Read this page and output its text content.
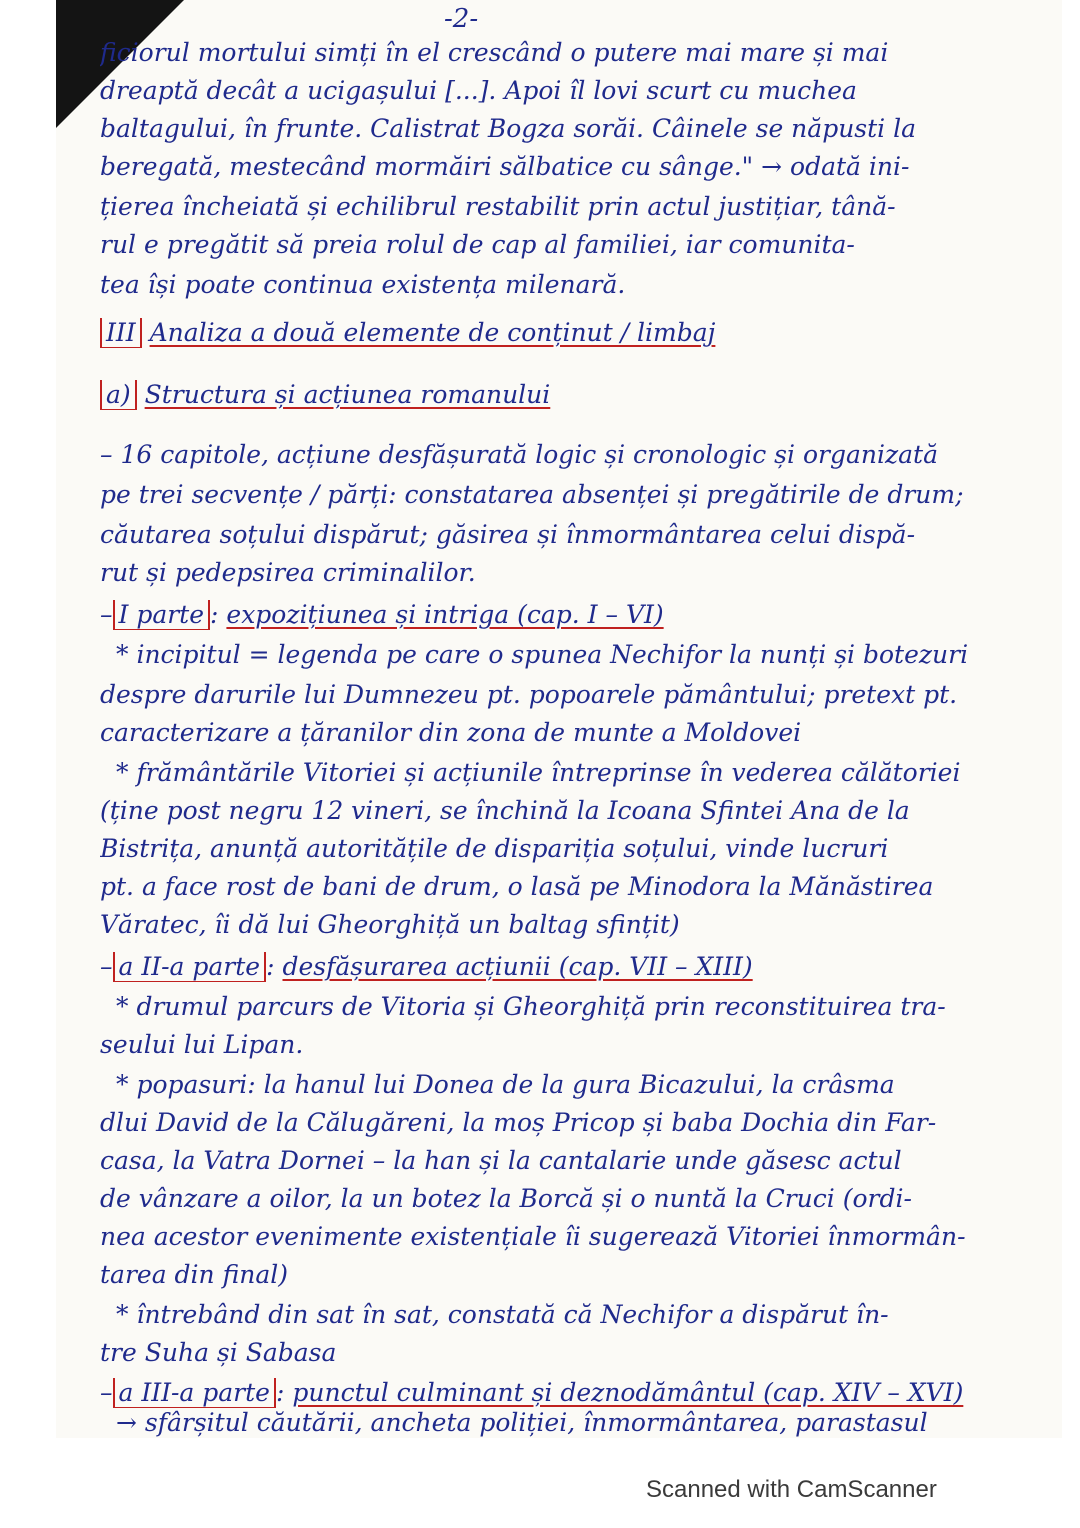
-2-
ficiorul mortului simți în el crescând o putere mai mare și mai
dreaptă decât a ucigașului [...]. Apoi îl lovi scurt cu muchea
baltagului, în frunte. Calistrat Bogza sorăi. Câinele se năpusti la
beregată, mestecând mormăiri sălbatice cu sânge." → odată ini-
țierea încheiată și echilibrul restabilit prin actul justițiar, tână-
rul e pregătit să preia rolul de cap al familiei, iar comunita-
tea își poate continua existența milenară.
III Analiza a două elemente de conținut / limbaj
a) Structura și acțiunea romanului
– 16 capitole, acțiune desfășurată logic și cronologic și organizată
pe trei secvențe / părți: constatarea absenței și pregătirile de drum;
căutarea soțului dispărut; găsirea și înmormântarea celui dispă-
rut și pedepsirea criminalilor.
– I parte : expozițiunea și intriga (cap. I – VI)
* incipitul = legenda pe care o spunea Nechifor la nunți și botezuri
despre darurile lui Dumnezeu pt. popoarele pământului; pretext pt.
caracterizare a țăranilor din zona de munte a Moldovei
* frământările Vitoriei și acțiunile întreprinse în vederea călătoriei
(ține post negru 12 vineri, se închină la Icoana Sfintei Ana de la
Bistrița, anunță autoritățile de dispariția soțului, vinde lucruri
pt. a face rost de bani de drum, o lasă pe Minodora la Mănăstirea
Văratec, îi dă lui Gheorghiță un baltag sfințit)
– a II-a parte : desfășurarea acțiunii (cap. VII – XIII)
* drumul parcurs de Vitoria și Gheorghiță prin reconstituirea tra-
seului lui Lipan.
* popasuri: la hanul lui Donea de la gura Bicazului, la crâsma
dlui David de la Călugăreni, la moș Pricop și baba Dochia din Far-
casa, la Vatra Dornei – la han și la cantalarie unde găsesc actul
de vânzare a oilor, la un botez la Borcă și o nuntă la Cruci (ordi-
nea acestor evenimente existențiale îi sugerează Vitoriei înmormân-
tarea din final)
* întrebând din sat în sat, constată că Nechifor a dispărut în-
tre Suha și Sabasa
– a III-a parte : punctul culminant și deznodământul (cap. XIV – XVI)
→ sfârșitul căutării, ancheta poliției, înmormântarea, parastasul
Scanned with CamScanner
